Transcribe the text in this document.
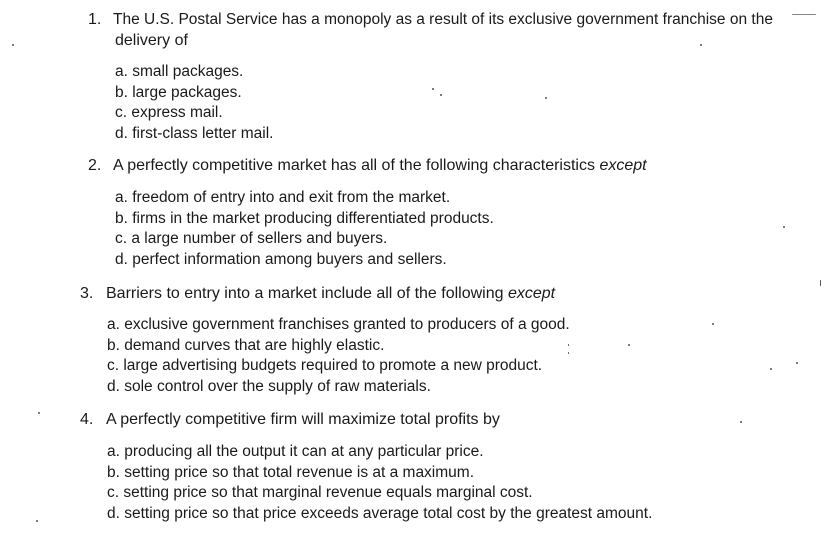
1. The U.S. Postal Service has a monopoly as a result of its exclusive government franchise on the
delivery of
a. small packages.
b. large packages.
c. express mail.
d. first-class letter mail.
2. A perfectly competitive market has all of the following characteristics except
a. freedom of entry into and exit from the market.
b. firms in the market producing differentiated products.
c. a large number of sellers and buyers.
d. perfect information among buyers and sellers.
3. Barriers to entry into a market include all of the following except
a. exclusive government franchises granted to producers of a good.
b. demand curves that are highly elastic.
c. large advertising budgets required to promote a new product.
d. sole control over the supply of raw materials.
4. A perfectly competitive firm will maximize total profits by
a. producing all the output it can at any particular price.
b. setting price so that total revenue is at a maximum.
c. setting price so that marginal revenue equals marginal cost.
d. setting price so that price exceeds average total cost by the greatest amount.
